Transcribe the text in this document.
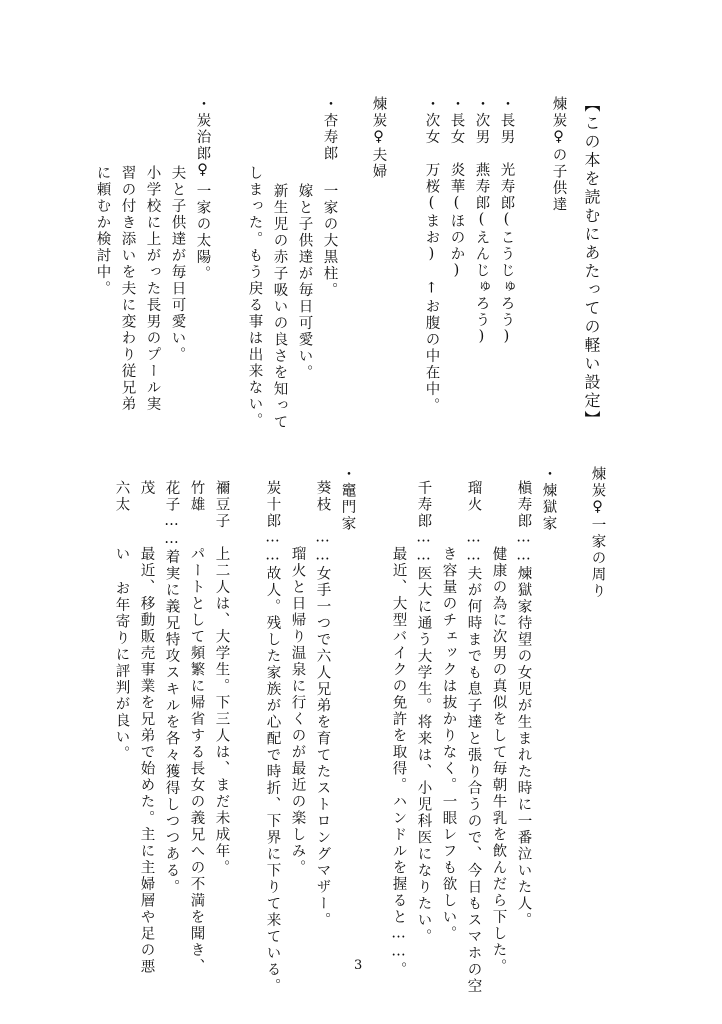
【この本を読むにあたっての軽い設定】
煉炭♀の子供達
・長男　光寿郎(こうじゅろう)
・次男　燕寿郎(えんじゅろう)
・長女　炎華(ほのか)
・次女　万桜(まお)　↑お腹の中在中。
煉炭♀夫婦
・杏寿郎
一家の大黒柱。
嫁と子供達が毎日可愛い。
新生児の赤子吸いの良さを知って
しまった。もう戻る事は出来ない。
・炭治郎♀
一家の太陽。
夫と子供達が毎日可愛い。
小学校に上がった長男のプール実
習の付き添いを夫に変わり従兄弟
に頼むか検討中。
煉炭♀一家の周り
・煉獄家
槇寿郎……煉獄家待望の女児が生まれた時に一番泣いた人。
健康の為に次男の真似をして毎朝牛乳を飲んだら下した。
瑠火　……夫が何時までも息子達と張り合うので、今日もスマホの空
き容量のチェックは抜かりなく。一眼レフも欲しい。
千寿郎……医大に通う大学生。将来は、小児科医になりたい。
最近、大型バイクの免許を取得。ハンドルを握ると……。
・竈門家
葵枝　……女手一つで六人兄弟を育てたストロングマザー。
瑠火と日帰り温泉に行くのが最近の楽しみ。
炭十郎……故人。残した家族が心配で時折、下界に下りて来ている。
禰豆子　上二人は、大学生。下三人は、まだ未成年。
竹雄　　パートとして頻繁に帰省する長女の義兄への不満を聞き、
花子……着実に義兄特攻スキルを各々獲得しつつある。
茂　　　最近、移動販売事業を兄弟で始めた。主に主婦層や足の悪
六太　　い お年寄りに評判が良い。
3
